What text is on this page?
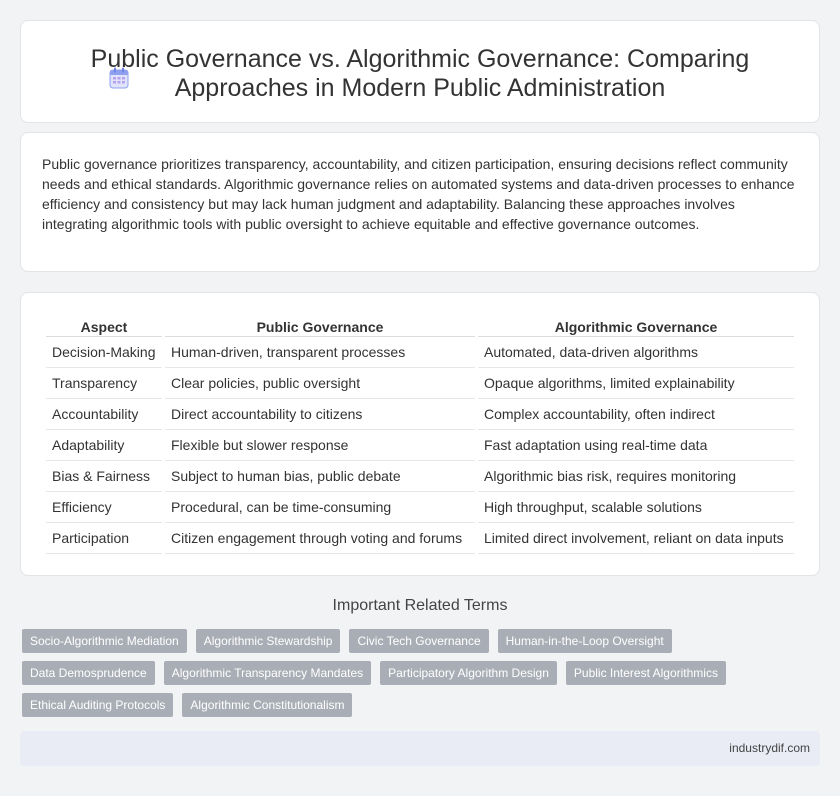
Public Governance vs. Algorithmic Governance: Comparing Approaches in Modern Public Administration

Public governance prioritizes transparency, accountability, and citizen participation, ensuring decisions reflect community needs and ethical standards. Algorithmic governance relies on automated systems and data-driven processes to enhance efficiency and consistency but may lack human judgment and adaptability. Balancing these approaches involves integrating algorithmic tools with public oversight to achieve equitable and effective governance outcomes.

Aspect	Public Governance	Algorithmic Governance
Decision-Making	Human-driven, transparent processes	Automated, data-driven algorithms
Transparency	Clear policies, public oversight	Opaque algorithms, limited explainability
Accountability	Direct accountability to citizens	Complex accountability, often indirect
Adaptability	Flexible but slower response	Fast adaptation using real-time data
Bias & Fairness	Subject to human bias, public debate	Algorithmic bias risk, requires monitoring
Efficiency	Procedural, can be time-consuming	High throughput, scalable solutions
Participation	Citizen engagement through voting and forums	Limited direct involvement, reliant on data inputs
Important Related Terms
Socio-Algorithmic Mediation	Algorithmic Stewardship	Civic Tech Governance	Human-in-the-Loop Oversight
Data Demosprudence	Algorithmic Transparency Mandates	Participatory Algorithm Design	Public Interest Algorithmics
Ethical Auditing Protocols	Algorithmic Constitutionalism
industrydif.com
